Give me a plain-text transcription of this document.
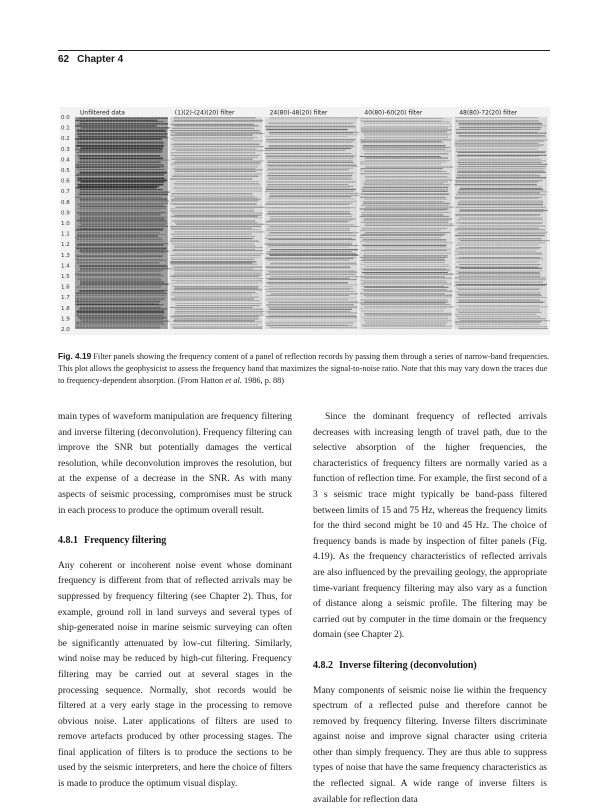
62 Chapter 4
0.0
0.1
0.2
0.3
0.4
0.5
0.6
0.7
0.8
0.9
1.0
1.1
1.2
1.3
1.4
1.5
1.6
1.7
1.8
1.9
2.0
Unfiltered data	(1)(2)-(24)(20) filter	24(80)-48(20) filter	40(80)-60(20) filter	48(80)-72(20) filter
Fig. 4.19 Filter panels showing the frequency content of a panel of reflection records by passing them through a series of narrow-band frequencies. This plot allows the geophysicist to assess the frequency band that maximizes the signal-to-noise ratio. Note that this may vary down the traces due to frequency-dependent absorption. (From Hatton et al. 1986, p. 88)

main types of waveform manipulation are frequency filtering and inverse filtering (deconvolution). Frequency filtering can improve the SNR but potentially damages the vertical resolution, while deconvolution improves the resolution, but at the expense of a decrease in the SNR. As with many aspects of seismic processing, compromises must be struck in each process to produce the optimum overall result.

4.8.1 Frequency filtering

Any coherent or incoherent noise event whose dominant frequency is different from that of reflected arrivals may be suppressed by frequency filtering (see Chapter 2). Thus, for example, ground roll in land surveys and several types of ship-generated noise in marine seismic surveying can often be significantly attenuated by low-cut filtering. Similarly, wind noise may be reduced by high-cut filtering. Frequency filtering may be carried out at several stages in the processing sequence. Normally, shot records would be filtered at a very early stage in the processing to remove obvious noise. Later applications of filters are used to remove artefacts produced by other processing stages. The final application of filters is to produce the sections to be used by the seismic interpreters, and here the choice of filters is made to produce the optimum visual display.

Since the dominant frequency of reflected arrivals decreases with increasing length of travel path, due to the selective absorption of the higher frequencies, the characteristics of frequency filters are normally varied as a function of reflection time. For example, the first second of a 3 s seismic trace might typically be band-pass filtered between limits of 15 and 75 Hz, whereas the frequency limits for the third second might be 10 and 45 Hz. The choice of frequency bands is made by inspection of filter panels (Fig. 4.19). As the frequency characteristics of reflected arrivals are also influenced by the prevailing geology, the appropriate time-variant frequency filtering may also vary as a function of distance along a seismic profile. The filtering may be carried out by computer in the time domain or the frequency domain (see Chapter 2).

4.8.2 Inverse filtering (deconvolution)

Many components of seismic noise lie within the frequency spectrum of a reflected pulse and therefore cannot be removed by frequency filtering. Inverse filters discriminate against noise and improve signal character using criteria other than simply frequency. They are thus able to suppress types of noise that have the same frequency characteristics as the reflected signal. A wide range of inverse filters is available for reflection data
